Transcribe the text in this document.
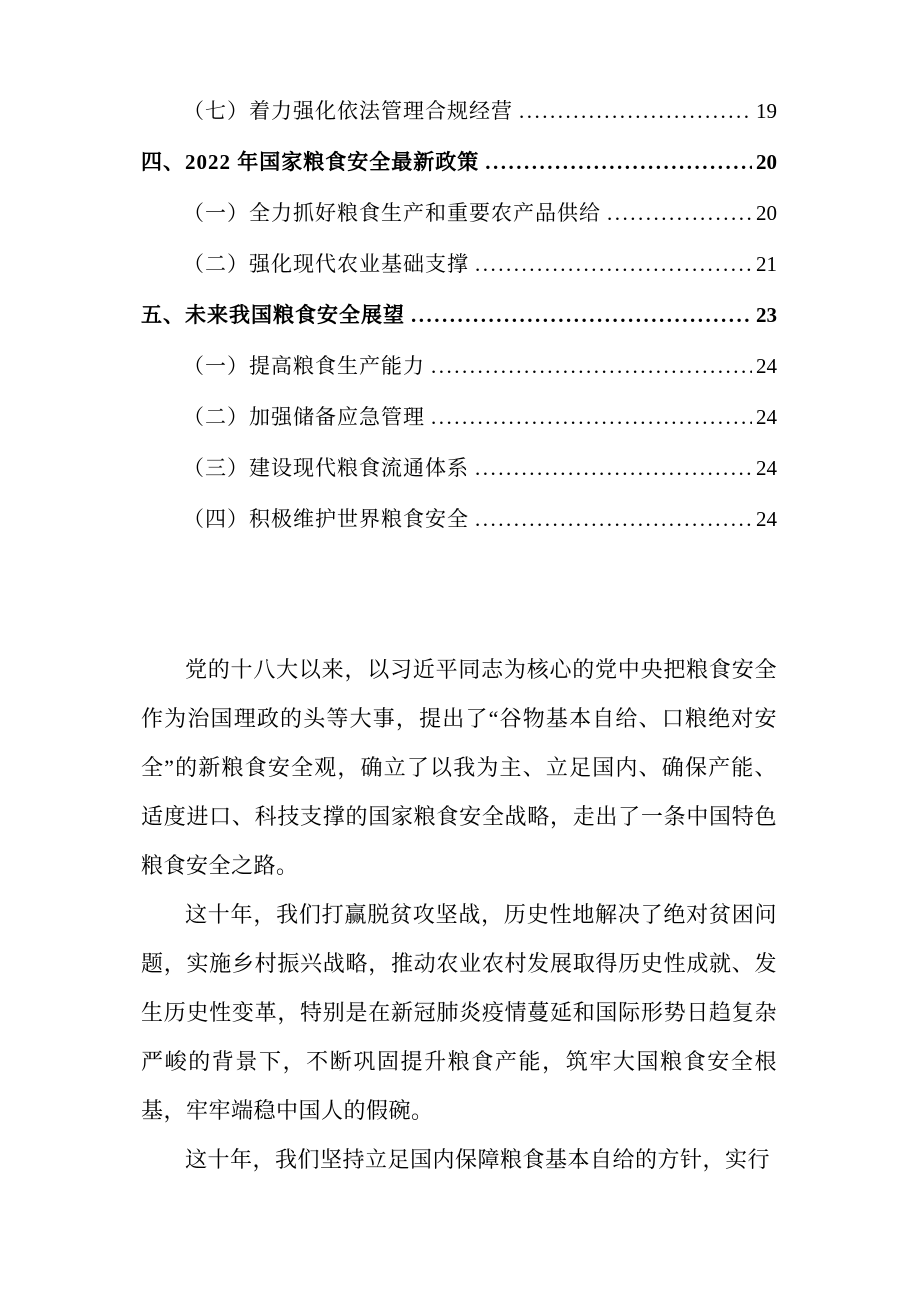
（七）着力强化依法管理合规经营 .....	19
四、2022 年国家粮食安全最新政策 .....	20
（一）全力抓好粮食生产和重要农产品供给 .....	20
（二）强化现代农业基础支撑 .....	21
五、未来我国粮食安全展望 .....	23
（一）提高粮食生产能力 .....	24
（二）加强储备应急管理 .....	24
（三）建设现代粮食流通体系 .....	24
（四）积极维护世界粮食安全 .....	24

党的十八大以来，以习近平同志为核心的党中央把粮食安全作为治国理政的头等大事，提出了“谷物基本自给、口粮绝对安全”的新粮食安全观，确立了以我为主、立足国内、确保产能、适度进口、科技支撑的国家粮食安全战略，走出了一条中国特色粮食安全之路。

这十年，我们打赢脱贫攻坚战，历史性地解决了绝对贫困问题，实施乡村振兴战略，推动农业农村发展取得历史性成就、发生历史性变革，特别是在新冠肺炎疫情蔓延和国际形势日趋复杂严峻的背景下，不断巩固提升粮食产能，筑牢大国粮食安全根基，牢牢端稳中国人的假碗。

这十年，我们坚持立足国内保障粮食基本自给的方针，实行
